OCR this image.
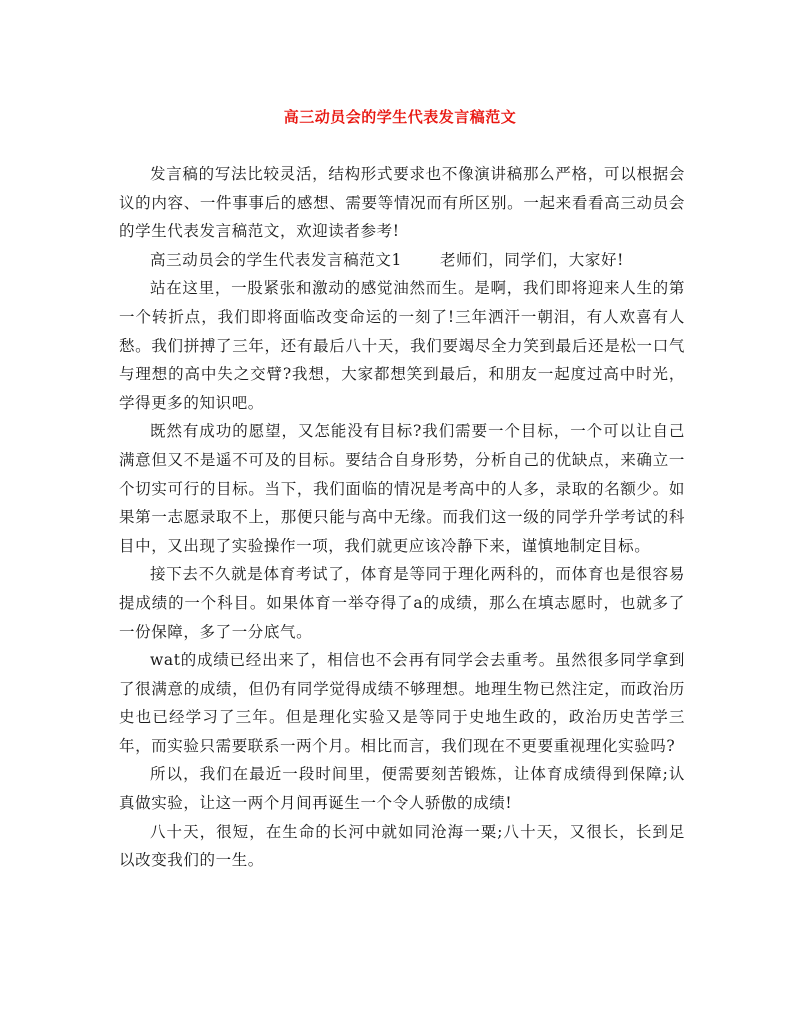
高三动员会的学生代表发言稿范文

发言稿的写法比较灵活，结构形式要求也不像演讲稿那么严格，可以根据会议的内容、一件事事后的感想、需要等情况而有所区别。一起来看看高三动员会的学生代表发言稿范文，欢迎读者参考!

高三动员会的学生代表发言稿范文1 老师们，同学们，大家好!

站在这里，一股紧张和激动的感觉油然而生。是啊，我们即将迎来人生的第一个转折点，我们即将面临改变命运的一刻了!三年洒汗一朝泪，有人欢喜有人愁。我们拼搏了三年，还有最后八十天，我们要竭尽全力笑到最后还是松一口气与理想的高中失之交臂?我想，大家都想笑到最后，和朋友一起度过高中时光，学得更多的知识吧。

既然有成功的愿望，又怎能没有目标?我们需要一个目标，一个可以让自己满意但又不是遥不可及的目标。要结合自身形势，分析自己的优缺点，来确立一个切实可行的目标。当下，我们面临的情况是考高中的人多，录取的名额少。如果第一志愿录取不上，那便只能与高中无缘。而我们这一级的同学升学考试的科目中，又出现了实验操作一项，我们就更应该冷静下来，谨慎地制定目标。

接下去不久就是体育考试了，体育是等同于理化两科的，而体育也是很容易提成绩的一个科目。如果体育一举夺得了a的成绩，那么在填志愿时，也就多了一份保障，多了一分底气。

wat的成绩已经出来了，相信也不会再有同学会去重考。虽然很多同学拿到了很满意的成绩，但仍有同学觉得成绩不够理想。地理生物已然注定，而政治历史也已经学习了三年。但是理化实验又是等同于史地生政的，政治历史苦学三年，而实验只需要联系一两个月。相比而言，我们现在不更要重视理化实验吗?

所以，我们在最近一段时间里，便需要刻苦锻炼，让体育成绩得到保障;认真做实验，让这一两个月间再诞生一个令人骄傲的成绩!

八十天，很短，在生命的长河中就如同沧海一粟;八十天，又很长，长到足以改变我们的一生。
